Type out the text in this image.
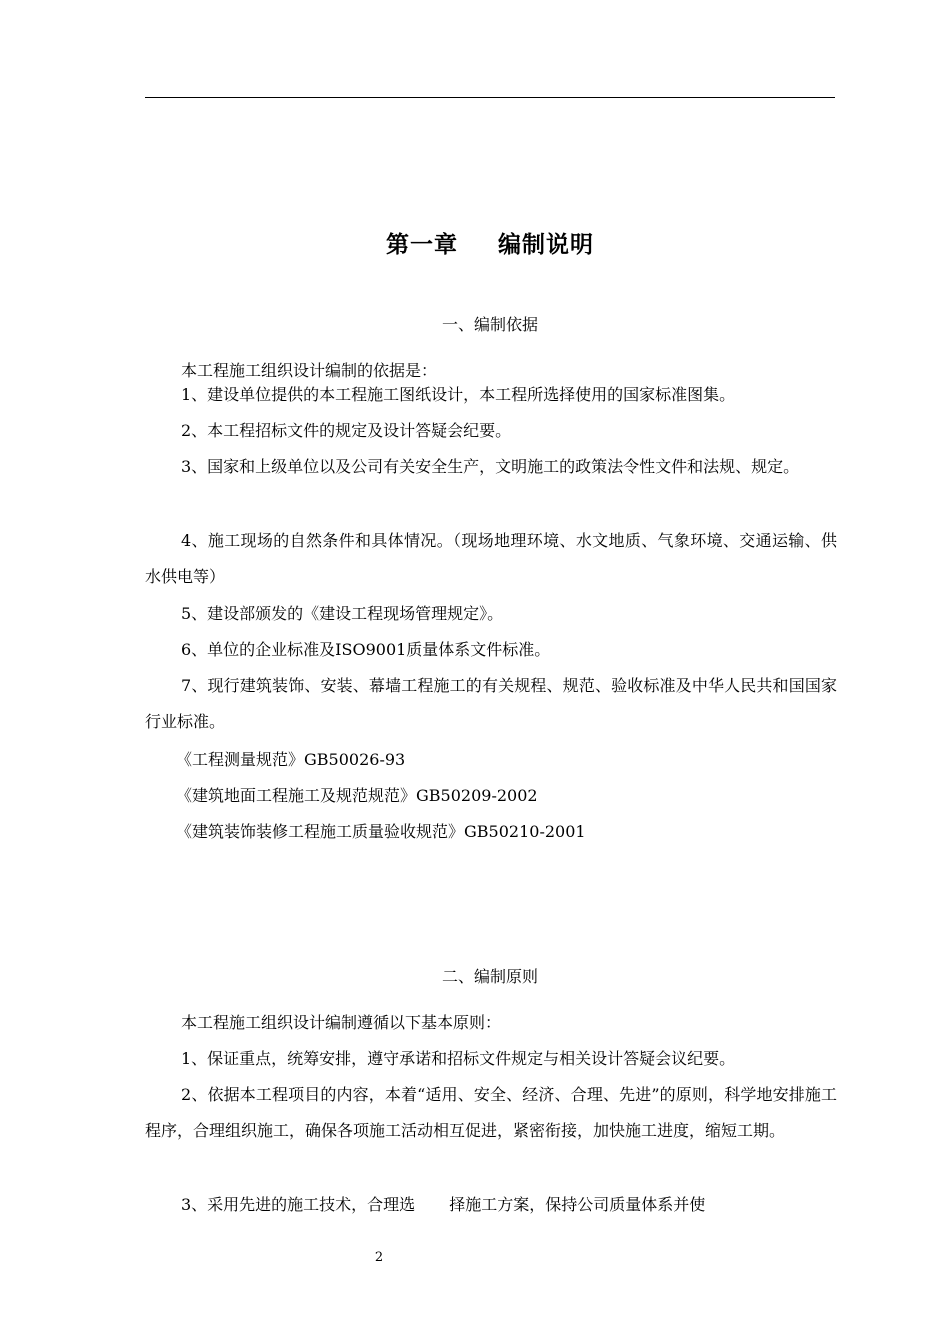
第一章 编制说明
一、编制依据

本工程施工组织设计编制的依据是：

1、建设单位提供的本工程施工图纸设计，本工程所选择使用的国家标准图集。

2、本工程招标文件的规定及设计答疑会纪要。

3、国家和上级单位以及公司有关安全生产，文明施工的政策法令性文件和法规、规定。

4、施工现场的自然条件和具体情况。（现场地理环境、水文地质、气象环境、交通运输、供水供电等）

5、建设部颁发的《建设工程现场管理规定》。

6、单位的企业标准及ISO9001质量体系文件标准。

7、现行建筑装饰、安装、幕墙工程施工的有关规程、规范、验收标准及中华人民共和国国家行业标准。

《工程测量规范》GB50026-93

《建筑地面工程施工及规范规范》GB50209-2002

《建筑装饰装修工程施工质量验收规范》GB50210-2001

二、编制原则

本工程施工组织设计编制遵循以下基本原则：

1、保证重点，统筹安排，遵守承诺和招标文件规定与相关设计答疑会议纪要。

2、依据本工程项目的内容，本着“适用、安全、经济、合理、先进”的原则，科学地安排施工程序，合理组织施工，确保各项施工活动相互促进，紧密衔接，加快施工进度，缩短工期。

3、采用先进的施工技术，合理选 择施工方案，保持公司质量体系并使

2
